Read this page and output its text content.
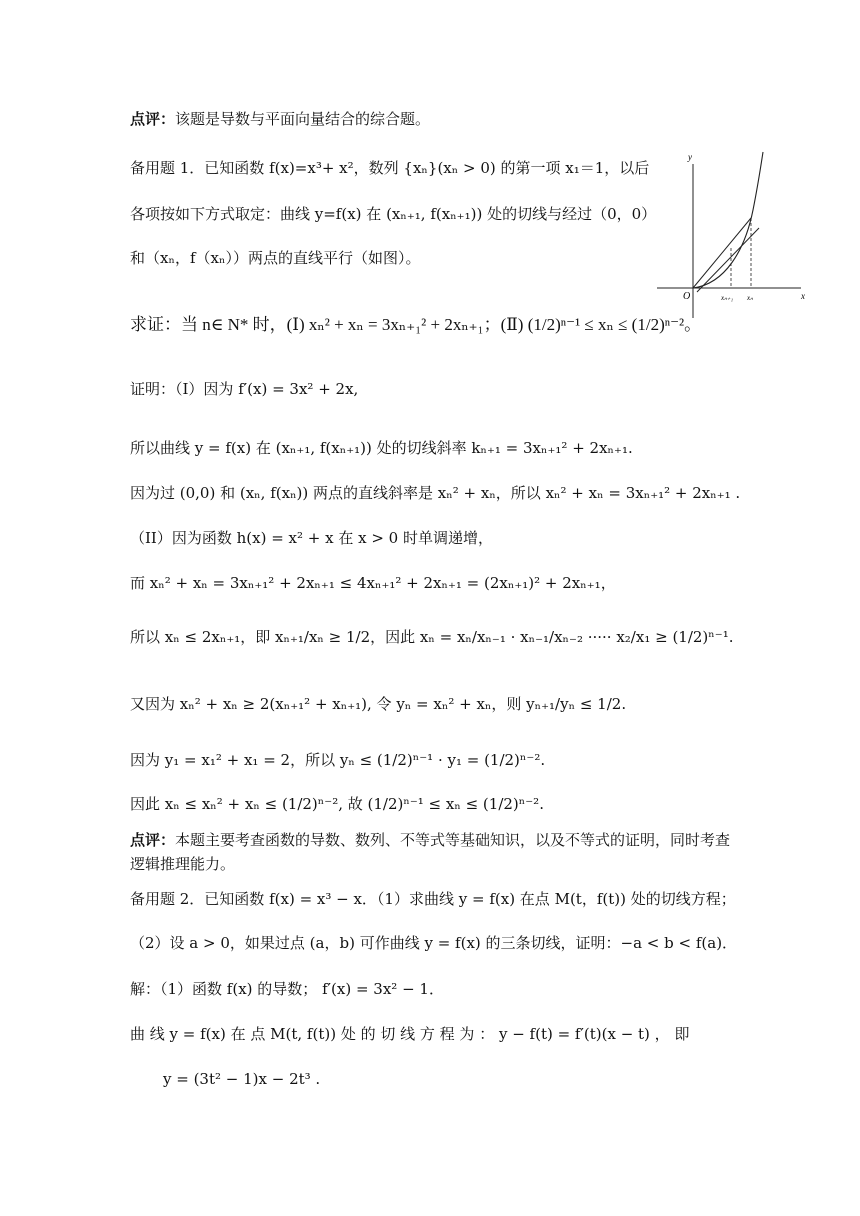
点评：该题是导数与平面向量结合的综合题。
备用题 1．已知函数 f(x)=x³+ x²，数列 {xₙ}(xₙ > 0) 的第一项 x₁＝1，以后
各项按如下方式取定：曲线 y=f(x) 在 (xₙ₊₁, f(xₙ₊₁)) 处的切线与经过（0，0）
和（xₙ，f（xₙ））两点的直线平行（如图）。
求证：当 n∈ N* 时，(Ⅰ) xₙ² + xₙ = 3xₙ₊₁² + 2xₙ₊₁；(Ⅱ) (1/2)ⁿ⁻¹ ≤ xₙ ≤ (1/2)ⁿ⁻²。
证明：（Ⅰ）因为 f′(x) = 3x² + 2x,
所以曲线 y = f(x) 在 (xₙ₊₁, f(xₙ₊₁)) 处的切线斜率 kₙ₊₁ = 3xₙ₊₁² + 2xₙ₊₁.
因为过 (0,0) 和 (xₙ, f(xₙ)) 两点的直线斜率是 xₙ² + xₙ，所以 xₙ² + xₙ = 3xₙ₊₁² + 2xₙ₊₁ .
（II）因为函数 h(x) = x² + x 在 x > 0 时单调递增，
而 xₙ² + xₙ = 3xₙ₊₁² + 2xₙ₊₁ ≤ 4xₙ₊₁² + 2xₙ₊₁ = (2xₙ₊₁)² + 2xₙ₊₁，
所以 xₙ ≤ 2xₙ₊₁，即 xₙ₊₁/xₙ ≥ 1/2，因此 xₙ = xₙ/xₙ₋₁ · xₙ₋₁/xₙ₋₂ ····· x₂/x₁ ≥ (1/2)ⁿ⁻¹.
又因为 xₙ² + xₙ ≥ 2(xₙ₊₁² + xₙ₊₁), 令 yₙ = xₙ² + xₙ，则 yₙ₊₁/yₙ ≤ 1/2.
因为 y₁ = x₁² + x₁ = 2，所以 yₙ ≤ (1/2)ⁿ⁻¹ · y₁ = (1/2)ⁿ⁻².
因此 xₙ ≤ xₙ² + xₙ ≤ (1/2)ⁿ⁻², 故 (1/2)ⁿ⁻¹ ≤ xₙ ≤ (1/2)ⁿ⁻².
点评：本题主要考查函数的导数、数列、不等式等基础知识，以及不等式的证明，同时考查
逻辑推理能力。
备用题 2．已知函数 f(x) = x³ − x．（1）求曲线 y = f(x) 在点 M(t，f(t)) 处的切线方程；
（2）设 a > 0，如果过点 (a，b) 可作曲线 y = f(x) 的三条切线，证明：−a < b < f(a)．
解：（1）函数 f(x) 的导数； f′(x) = 3x² − 1．
曲 线 y = f(x) 在 点 M(t, f(t)) 处 的 切 线 方 程 为 ： y − f(t) = f′(t)(x − t) ， 即
y = (3t² − 1)x − 2t³ .
y
x
O	xₙ₊₁ xₙ
